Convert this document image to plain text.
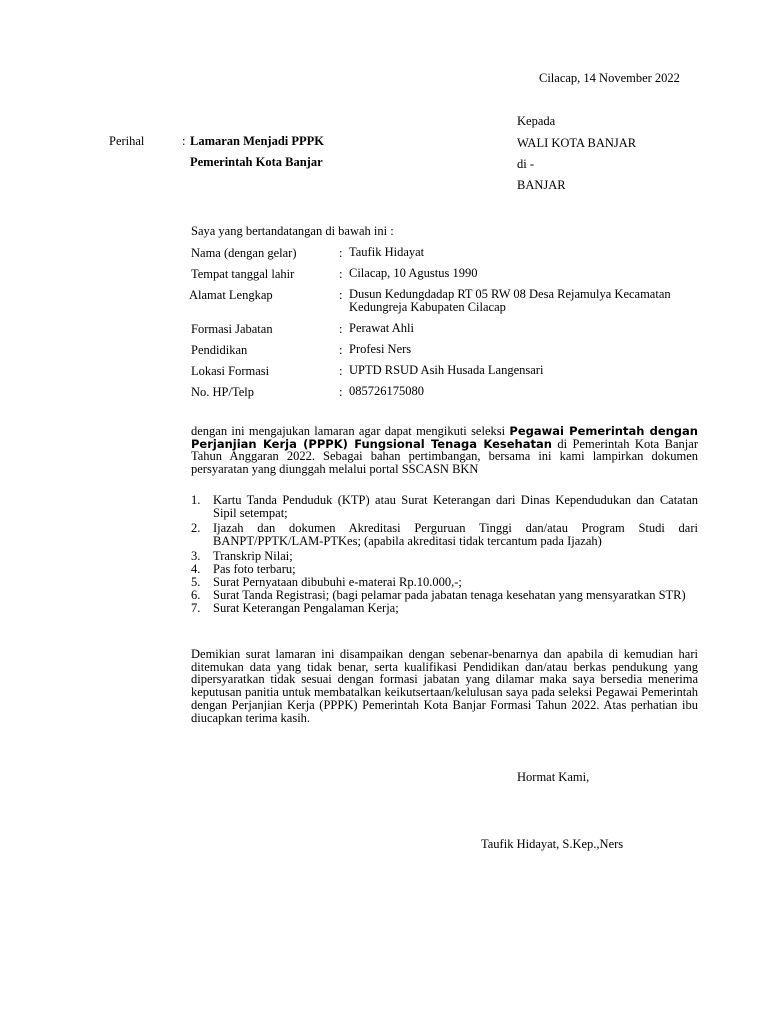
Cilacap, 14 November 2022
Kepada
WALI KOTA BANJAR
di -
BANJAR
Perihal	: Lamaran Menjadi PPPK
Pemerintah Kota Banjar
Saya yang bertandatangan di bawah ini :
Nama (dengan gelar)	: Taufik Hidayat
Tempat tanggal lahir	: Cilacap, 10 Agustus 1990
Alamat Lengkap	: Dusun Kedungdadap RT 05 RW 08 Desa Rejamulya Kecamatan Kedungreja Kabupaten Cilacap
Formasi Jabatan	: Perawat Ahli
Pendidikan	: Profesi Ners
Lokasi Formasi	: UPTD RSUD Asih Husada Langensari
No. HP/Telp	: 085726175080
dengan ini mengajukan lamaran agar dapat mengikuti seleksi Pegawai Pemerintah dengan Perjanjian Kerja (PPPK) Fungsional Tenaga Kesehatan di Pemerintah Kota Banjar Tahun Anggaran 2022. Sebagai bahan pertimbangan, bersama ini kami lampirkan dokumen persyaratan yang diunggah melalui portal SSCASN BKN
1. Kartu Tanda Penduduk (KTP) atau Surat Keterangan dari Dinas Kependudukan dan Catatan Sipil setempat;
2. Ijazah dan dokumen Akreditasi Perguruan Tinggi dan/atau Program Studi dari BANPT/PPTK/LAM-PTKes; (apabila akreditasi tidak tercantum pada Ijazah)
3. Transkrip Nilai;
4. Pas foto terbaru;
5. Surat Pernyataan dibubuhi e-materai Rp.10.000,-;
6. Surat Tanda Registrasi; (bagi pelamar pada jabatan tenaga kesehatan yang mensyaratkan STR)
7. Surat Keterangan Pengalaman Kerja;
Demikian surat lamaran ini disampaikan dengan sebenar-benarnya dan apabila di kemudian hari ditemukan data yang tidak benar, serta kualifikasi Pendidikan dan/atau berkas pendukung yang dipersyaratkan tidak sesuai dengan formasi jabatan yang dilamar maka saya bersedia menerima keputusan panitia untuk membatalkan keikutsertaan/kelulusan saya pada seleksi Pegawai Pemerintah dengan Perjanjian Kerja (PPPK) Pemerintah Kota Banjar Formasi Tahun 2022. Atas perhatian ibu diucapkan terima kasih.
Hormat Kami,
Taufik Hidayat, S.Kep.,Ners
